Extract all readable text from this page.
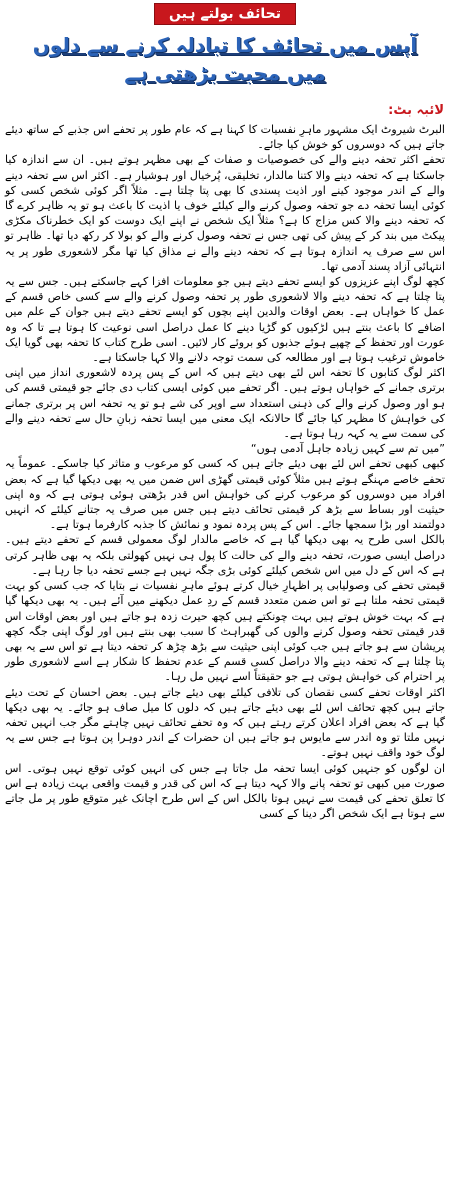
تحائف بولتے ہیں
آپس میں تحائف کا تبادلہ کرنے سے دلوں
میں محبت بڑھتی ہے
لائبہ بٹ:

البرٹ شیروٹ ایک مشہور ماہرِ نفسیات کا کہنا ہے کہ عام طور پر تحفے اس جذبے کے ساتھ دیئے جاتے ہیں کہ دوسروں کو خوش کیا جائے۔

تحفے اکثر تحفہ دینے والے کی خصوصیات و صفات کے بھی مظہر ہوتے ہیں۔ ان سے اندازہ کیا جاسکتا ہے کہ تحفہ دینے والا کتنا مالدار، تخلیقی، پُرخیال اور ہوشیار ہے۔ اکثر اس سے تحفہ دینے والے کے اندر موجود کینے اور اذیت پسندی کا بھی پتا چلتا ہے۔ مثلاً اگر کوئی شخص کسی کو کوئی ایسا تحفہ دے جو تحفہ وصول کرنے والے کیلئے خوف یا اذیت کا باعث ہو تو یہ ظاہر کرے گا کہ تحفہ دینے والا کس مزاج کا ہے؟ مثلاً ایک شخص نے اپنے ایک دوست کو ایک خطرناک مکڑی پیکٹ میں بند کر کے پیش کی تھی جس نے تحفہ وصول کرنے والے کو بولا کر رکھ دیا تھا۔ ظاہر تو اس سے صرف یہ اندازہ ہوتا ہے کہ تحفہ دینے والے نے مذاق کیا تھا مگر لاشعوری طور پر یہ انتہائی آزاد پسند آدمی تھا۔

کچھ لوگ اپنے عزیزوں کو ایسے تحفے دیتے ہیں جو معلومات افزا کہے جاسکتے ہیں۔ جس سے یہ پتا چلتا ہے کہ تحفہ دینے والا لاشعوری طور پر تحفہ وصول کرنے والے سے کسی خاص قسم کے عمل کا خواہاں ہے۔ بعض اوقات والدین اپنے بچوں کو ایسے تحفے دیتے ہیں جوان کے علم میں اضافے کا باعث بنتے ہیں لڑکیوں کو گڑیا دینے کا عمل دراصل اسی نوعیت کا ہوتا ہے تا کہ وہ عورت اور تحفظ کے چھپے ہوئے جذبوں کو بروئے کار لائیں۔ اسی طرح کتاب کا تحفہ بھی گویا ایک خاموش ترغیب ہوتا ہے اور مطالعہ کی سمت توجہ دلانے والا کہا جاسکتا ہے۔

اکثر لوگ کتابوں کا تحفہ اس لئے بھی دیتے ہیں کہ اس کے پس پردہ لاشعوری انداز میں اپنی برتری جمانے کے خواہاں ہوتے ہیں۔ اگر تحفے میں کوئی ایسی کتاب دی جائے جو قیمتی قسم کی ہو اور وصول کرنے والے کی ذہنی استعداد سے اوپر کی شے ہو تو یہ تحفہ اس پر برتری جمانے کی خواہش کا مظہر کیا جائے گا حالانکہ ایک معنی میں ایسا تحفہ زبانِ حال سے تحفہ دینے والے کی سمت سے یہ کہہ رہا ہوتا ہے۔

”میں تم سے کہیں زیادہ جاہل آدمی ہوں“

کبھی کبھی تحفے اس لئے بھی دیئے جاتے ہیں کہ کسی کو مرعوب و متاثر کیا جاسکے۔ عموماً یہ تحفے خاصے مہنگے ہوتے ہیں مثلاً کوئی قیمتی گھڑی اس ضمن میں یہ بھی دیکھا گیا ہے کہ بعض افراد میں دوسروں کو مرعوب کرنے کی خواہش اس قدر بڑھتی ہوئی ہوتی ہے کہ وہ اپنی حیثیت اور بساط سے بڑھ کر قیمتی تحائف دیتے ہیں جس میں صرف یہ جتانے کیلئے کہ انہیں دولتمند اور بڑا سمجھا جائے۔ اس کے پس پردہ نمود و نمائش کا جذبہ کارفرما ہوتا ہے۔

بالکل اسی طرح یہ بھی دیکھا گیا ہے کہ خاصے مالدار لوگ معمولی قسم کے تحفے دیتے ہیں۔ دراصل ایسی صورت، تحفہ دینے والے کی حالت کا پول ہی نہیں کھولتی بلکہ یہ بھی ظاہر کرتی ہے کہ اس کے دل میں اس شخص کیلئے کوئی بڑی جگہ نہیں ہے جسے تحفہ دیا جا رہا ہے۔

قیمتی تحفے کی وصولیابی پر اظہارِ خیال کرتے ہوئے ماہرِ نفسیات نے بتایا کہ جب کسی کو بہت قیمتی تحفہ ملتا ہے تو اس ضمن متعدد قسم کے ردِ عمل دیکھنے میں آئے ہیں۔ یہ بھی دیکھا گیا ہے کہ بہت خوش ہوتے ہیں بہت چونکتے ہیں کچھ حیرت زدہ ہو جاتے ہیں اور بعض اوقات اس قدر قیمتی تحفہ وصول کرنے والوں کی گھبراہٹ کا سبب بھی بنتے ہیں اور لوگ اپنی جگہ کچھ پریشان سے ہو جاتے ہیں جب کوئی اپنی حیثیت سے بڑھ چڑھ کر تحفہ دیتا ہے تو اس سے یہ بھی پتا چلتا ہے کہ تحفہ دینے والا دراصل کسی قسم کے عدم تحفظ کا شکار ہے اسے لاشعوری طور پر احترام کی خواہش ہوتی ہے جو حقیقتاً اسے نہیں مل رہا۔

اکثر اوقات تحفے کسی نقصان کی تلافی کیلئے بھی دیئے جاتے ہیں۔ بعض احسان کے تحت دیئے جاتے ہیں کچھ تحائف اس لئے بھی دیئے جاتے ہیں کہ دلوں کا میل صاف ہو جائے۔ یہ بھی دیکھا گیا ہے کہ بعض افراد اعلان کرتے رہتے ہیں کہ وہ تحفے تحائف نہیں چاہتے مگر جب انہیں تحفہ نہیں ملتا تو وہ اندر سے مایوس ہو جاتے ہیں ان حضرات کے اندر دوہرا پن ہوتا ہے جس سے یہ لوگ خود واقف نہیں ہوتے۔

ان لوگوں کو جنہیں کوئی ایسا تحفہ مل جاتا ہے جس کی انہیں کوئی توقع نہیں ہوتی۔ اس صورت میں کبھی تو تحفہ پانے والا کہہ دیتا ہے کہ اس کی قدر و قیمت واقعی بہت زیادہ ہے اس کا تعلق تحفے کی قیمت سے نہیں ہوتا بالکل اس کے اس طرح اچانک غیر متوقع طور پر مل جاتے سے ہوتا ہے ایک شخص اگر دینا کے کسی
